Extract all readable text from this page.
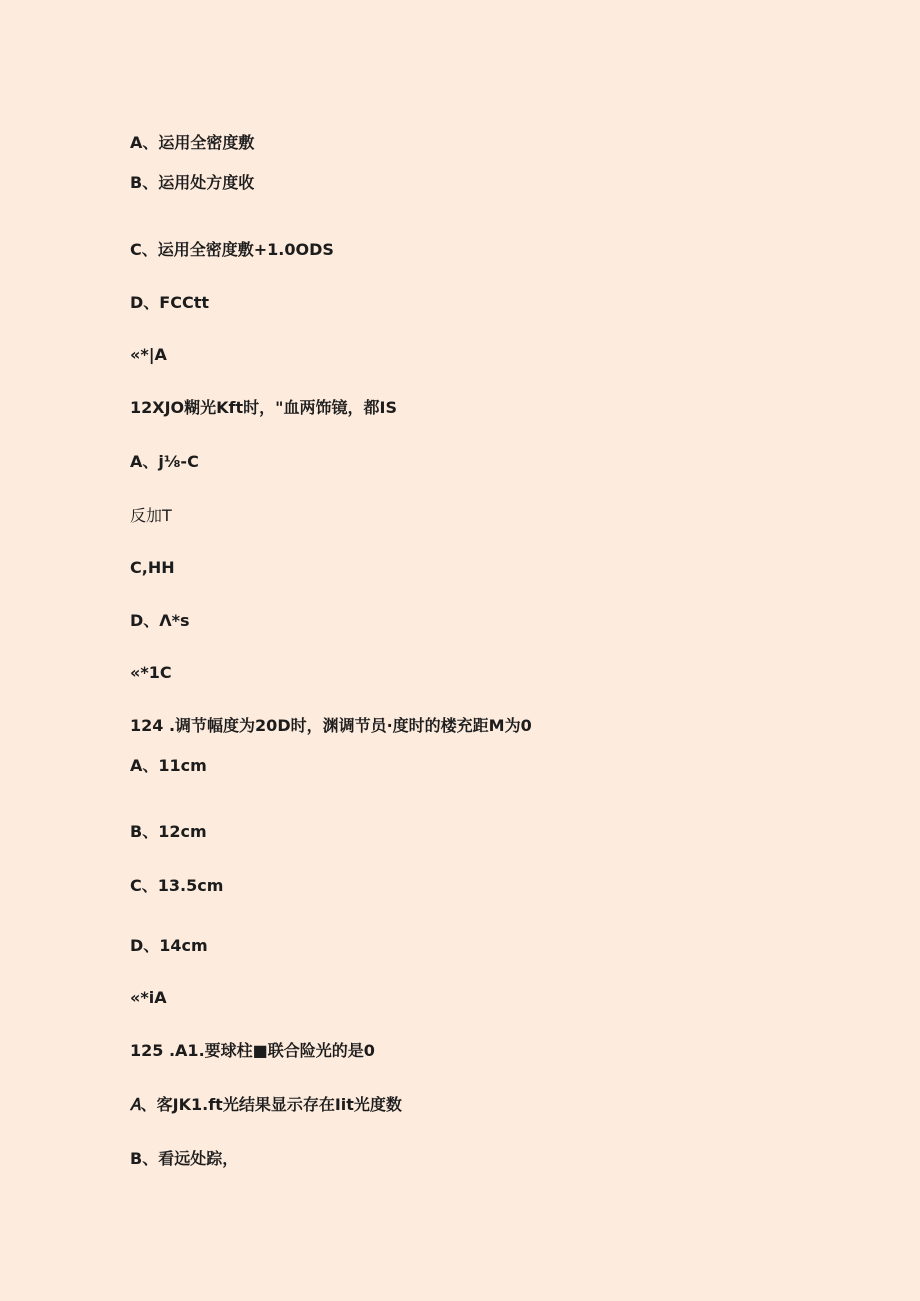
A、运用全密度敷
B、运用处方度收
C、运用全密度敷+1.0ODS
D、FCCtt
«*|A
12XJO糊光Kft时，"血两饰镜，都IS
A、j⅛-C
反加T
C,HH
D、Λ*s
«*1C
124 .调节幅度为20D时，渊调节员·度时的楼充距M为0
A、11cm
B、12cm
C、13.5cm
D、14cm
«*iA
125 .A1.要球柱■联合险光的是0
𝐴、客JK1.ft光结果显示存在Iit光度数
B、看远处踪，
